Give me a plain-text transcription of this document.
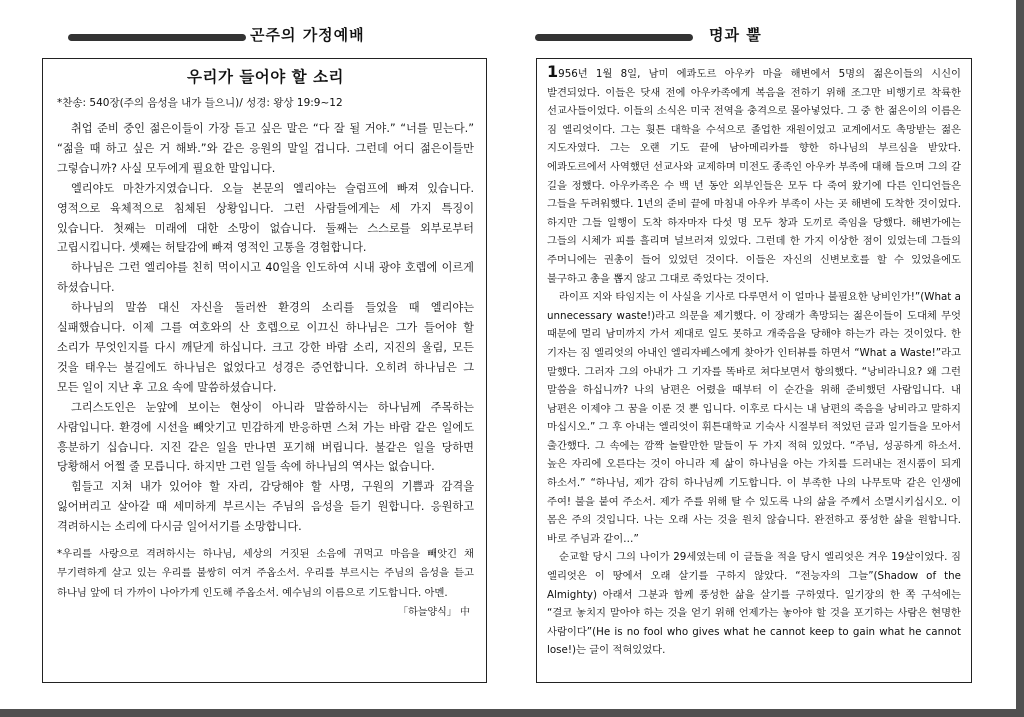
곤주의 가정예배	명과 뿔
우리가 들어야 할 소리
*찬송: 540장(주의 음성을 내가 들으니)/ 성경: 왕상 19:9~12

취업 준비 중인 젊은이들이 가장 듣고 싶은 말은 “다 잘 될 거야.” “너를 믿는다.” “젊을 때 하고 싶은 거 해봐.”와 같은 응원의 말일 겁니다. 그런데 어디 젊은이들만 그렇습니까? 사실 모두에게 필요한 말입니다.

엘리야도 마찬가지였습니다. 오늘 본문의 엘리야는 슬럼프에 빠져 있습니다. 영적으로 육체적으로 침체된 상황입니다. 그런 사람들에게는 세 가지 특징이 있습니다. 첫째는 미래에 대한 소망이 없습니다. 둘째는 스스로를 외부로부터 고립시킵니다. 셋째는 허탈감에 빠져 영적인 고통을 경험합니다.

하나님은 그런 엘리야를 친히 먹이시고 40일을 인도하여 시내 광야 호렙에 이르게 하셨습니다.

하나님의 말씀 대신 자신을 둘러싼 환경의 소리를 들었을 때 엘리야는 실패했습니다. 이제 그를 여호와의 산 호렙으로 이끄신 하나님은 그가 들어야 할 소리가 무엇인지를 다시 깨닫게 하십니다. 크고 강한 바람 소리, 지진의 울림, 모든 것을 태우는 불길에도 하나님은 없었다고 성경은 증언합니다. 오히려 하나님은 그 모든 일이 지난 후 고요 속에 말씀하셨습니다.

그리스도인은 눈앞에 보이는 현상이 아니라 말씀하시는 하나님께 주목하는 사람입니다. 환경에 시선을 빼앗기고 민감하게 반응하면 스쳐 가는 바람 같은 일에도 흥분하기 십습니다. 지진 같은 일을 만나면 포기해 버립니다. 불같은 일을 당하면 당황해서 어쩔 줄 모릅니다. 하지만 그런 일들 속에 하나님의 역사는 없습니다.

힘들고 지쳐 내가 있어야 할 자리, 감당해야 할 사명, 구원의 기쁨과 감격을 잃어버리고 살아갈 때 세미하게 부르시는 주님의 음성을 듣기 원합니다. 응원하고 격려하시는 소리에 다시금 일어서기를 소망합니다.

*우리를 사랑으로 격려하시는 하나님, 세상의 거짓된 소음에 귀먹고 마음을 빼앗긴 채 무기력하게 살고 있는 우리를 불쌍히 여겨 주옵소서. 우리를 부르시는 주님의 음성을 듣고 하나님 앞에 더 가까이 나아가게 인도해 주옵소서. 예수님의 이름으로 기도합니다. 아멘.
「하늘양식」 中

1956년 1월 8일, 남미 에콰도르 아우카 마을 해변에서 5명의 젊은이들의 시신이 발견되었다. 이들은 닷새 전에 아우카족에게 복음을 전하기 위해 조그만 비행기로 착륙한 선교사들이었다. 이들의 소식은 미국 전역을 충격으로 몰아넣었다. 그 중 한 젊은이의 이름은 짐 엘리엇이다. 그는 휫튼 대학을 수석으로 졸업한 재원이었고 교계에서도 촉망받는 젊은 지도자였다. 그는 오랜 기도 끝에 남아메리카를 향한 하나님의 부르심을 받았다. 에콰도르에서 사역했던 선교사와 교제하며 미전도 종족인 아우카 부족에 대해 들으며 그의 갈 길을 정했다. 아우카족은 수 백 년 동안 외부인들은 모두 다 죽여 왔기에 다른 인디언들은 그들을 두려워했다. 1년의 준비 끝에 마침내 아우카 부족이 사는 곳 해변에 도착한 것이었다. 하지만 그들 일행이 도착 하자마자 다섯 명 모두 창과 도끼로 죽임을 당했다. 해변가에는 그들의 시체가 피를 흘리며 널브러져 있었다. 그런데 한 가지 이상한 점이 있었는데 그들의 주머니에는 권총이 들어 있었던 것이다. 이들은 자신의 신변보호를 할 수 있었을에도 불구하고 총을 뽑지 않고 그대로 죽었다는 것이다.

라이프 지와 타임지는 이 사실을 기사로 다루면서 이 얼마나 불필요한 낭비인가!”(What a unnecessary waste!)라고 의문을 제기했다. 이 장래가 촉망되는 젊은이들이 도대체 무엇 때문에 멀리 남미까지 가서 제대로 일도 못하고 개죽음을 당해야 하는가 라는 것이었다. 한 기자는 짐 엘리엇의 아내인 엘리자베스에게 찾아가 인터뷰를 하면서 “What a Waste!”라고 말했다. 그러자 그의 아내가 그 기자를 똑바로 쳐다보면서 항의했다. “낭비라니요? 왜 그런 말씀을 하십니까? 나의 남편은 어렸을 때부터 이 순간을 위해 준비했던 사람입니다. 내 남편은 이제야 그 꿈을 이룬 것 뿐 입니다. 이후로 다시는 내 남편의 죽음을 낭비라고 말하지 마십시오.” 그 후 아내는 엘리엇이 휘튼대학교 기숙사 시절부터 적었던 글과 일기들을 모아서 출간했다. 그 속에는 깜짝 놀랄만한 말들이 두 가지 적혀 있었다. “주님, 성공하게 하소서. 높은 자리에 오른다는 것이 아니라 제 삶이 하나님을 아는 가치를 드러내는 전시품이 되게 하소서.” “하나님, 제가 감히 하나님께 기도합니다. 이 부족한 나의 나무토막 같은 인생에 주여! 불을 붙여 주소서. 제가 주를 위해 탈 수 있도록 나의 삶을 주께서 소멸시키십시오. 이 몸은 주의 것입니다. 나는 오래 사는 것을 원치 않습니다. 완전하고 풍성한 삶을 원합니다. 바로 주님과 같이…”

순교할 당시 그의 나이가 29세였는데 이 글들을 적을 당시 엘리엇은 겨우 19살이었다. 짐 엘리엇은 이 땅에서 오래 살기를 구하지 않았다. “전능자의 그늘”(Shadow of the Almighty) 아래서 그분과 함께 풍성한 삶을 살기를 구하였다. 일기장의 한 쪽 구석에는 “결코 놓치지 말아야 하는 것을 얻기 위해 언제가는 놓아야 할 것을 포기하는 사람은 현명한 사람이다”(He is no fool who gives what he cannot keep to gain what he cannot lose!)는 글이 적혀있었다.
